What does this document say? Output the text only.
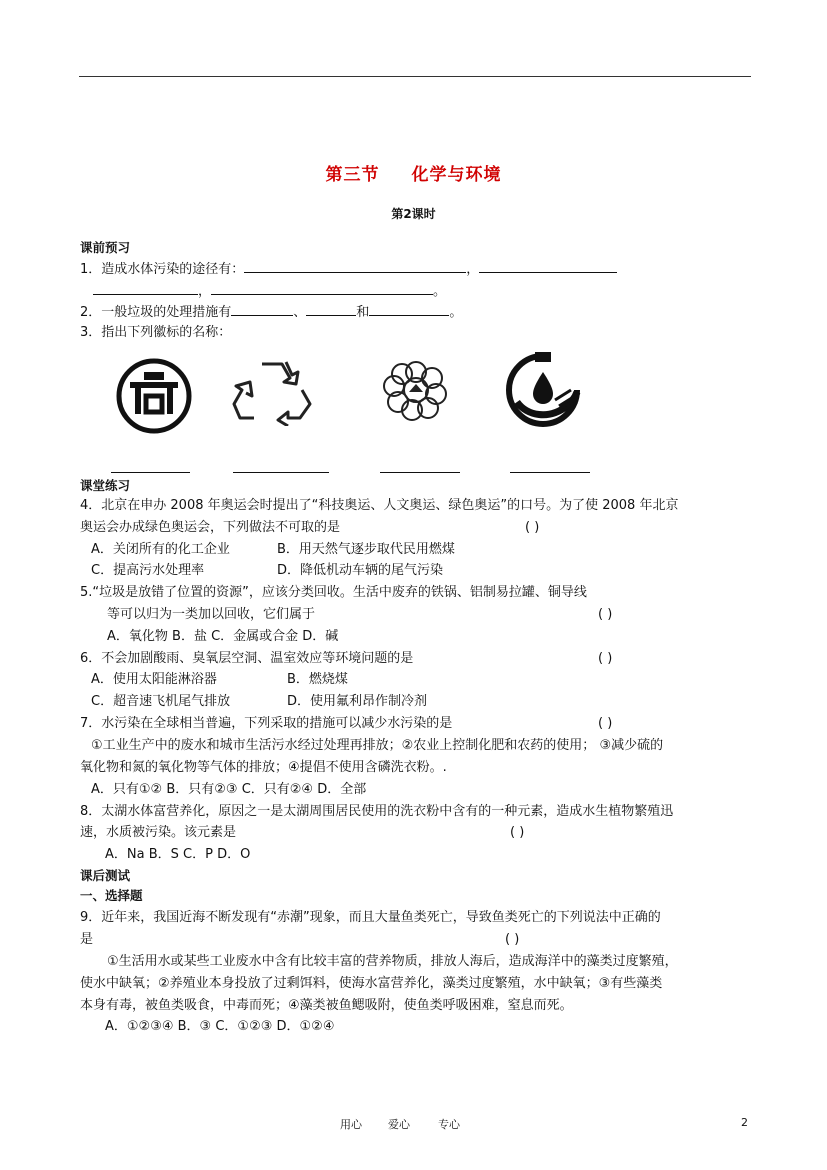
第三节 化学与环境
第2课时
课前预习
1．造成水体污染的途径有：	，
，	。
2．一般垃圾的处理措施有	、	和	。
3．指出下列徽标的名称：
课堂练习
4．北京在申办 2008 年奥运会时提出了“科技奥运、人文奥运、绿色奥运”的口号。为了使 2008 年北京
奥运会办成绿色奥运会，下列做法不可取的是	( )
A．关闭所有的化工企业	B．用天然气逐步取代民用燃煤
C．提高污水处理率	D．降低机动车辆的尾气污染
5.“垃圾是放错了位置的资源”，应该分类回收。生活中废弃的铁锅、铝制易拉罐、铜导线
等可以归为一类加以回收，它们属于	( )
A．氧化物 B．盐 C．金属或合金 D．碱
6．不会加剧酸雨、臭氧层空洞、温室效应等环境问题的是	( )
A．使用太阳能淋浴器	B．燃烧煤
C．超音速飞机尾气排放	D．使用氟利昂作制冷剂
7．水污染在全球相当普遍，下列采取的措施可以减少水污染的是	( )
①工业生产中的废水和城市生活污水经过处理再排放；②农业上控制化肥和农药的使用； ③减少硫的
氧化物和氮的氧化物等气体的排放；④提倡不使用含磷洗衣粉。.
A．只有①② B．只有②③ C．只有②④ D．全部
8．太湖水体富营养化，原因之一是太湖周围居民使用的洗衣粉中含有的一种元素，造成水生植物繁殖迅
速，水质被污染。该元素是	( )
A．Na B．S C．P D．O
课后测试
一、选择题
9．近年来，我国近海不断发现有“赤潮”现象，而且大量鱼类死亡，导致鱼类死亡的下列说法中正确的
是	( )
①生活用水或某些工业废水中含有比较丰富的营养物质，排放人海后，造成海洋中的藻类过度繁殖，
使水中缺氧；②养殖业本身投放了过剩饵料，使海水富营养化，藻类过度繁殖，水中缺氧；③有些藻类
本身有毒，被鱼类吸食，中毒而死；④藻类被鱼鳃吸附，使鱼类呼吸困难，窒息而死。
A．①②③④ B．③ C．①②③ D．①②④
用心 爱心	专心	2
